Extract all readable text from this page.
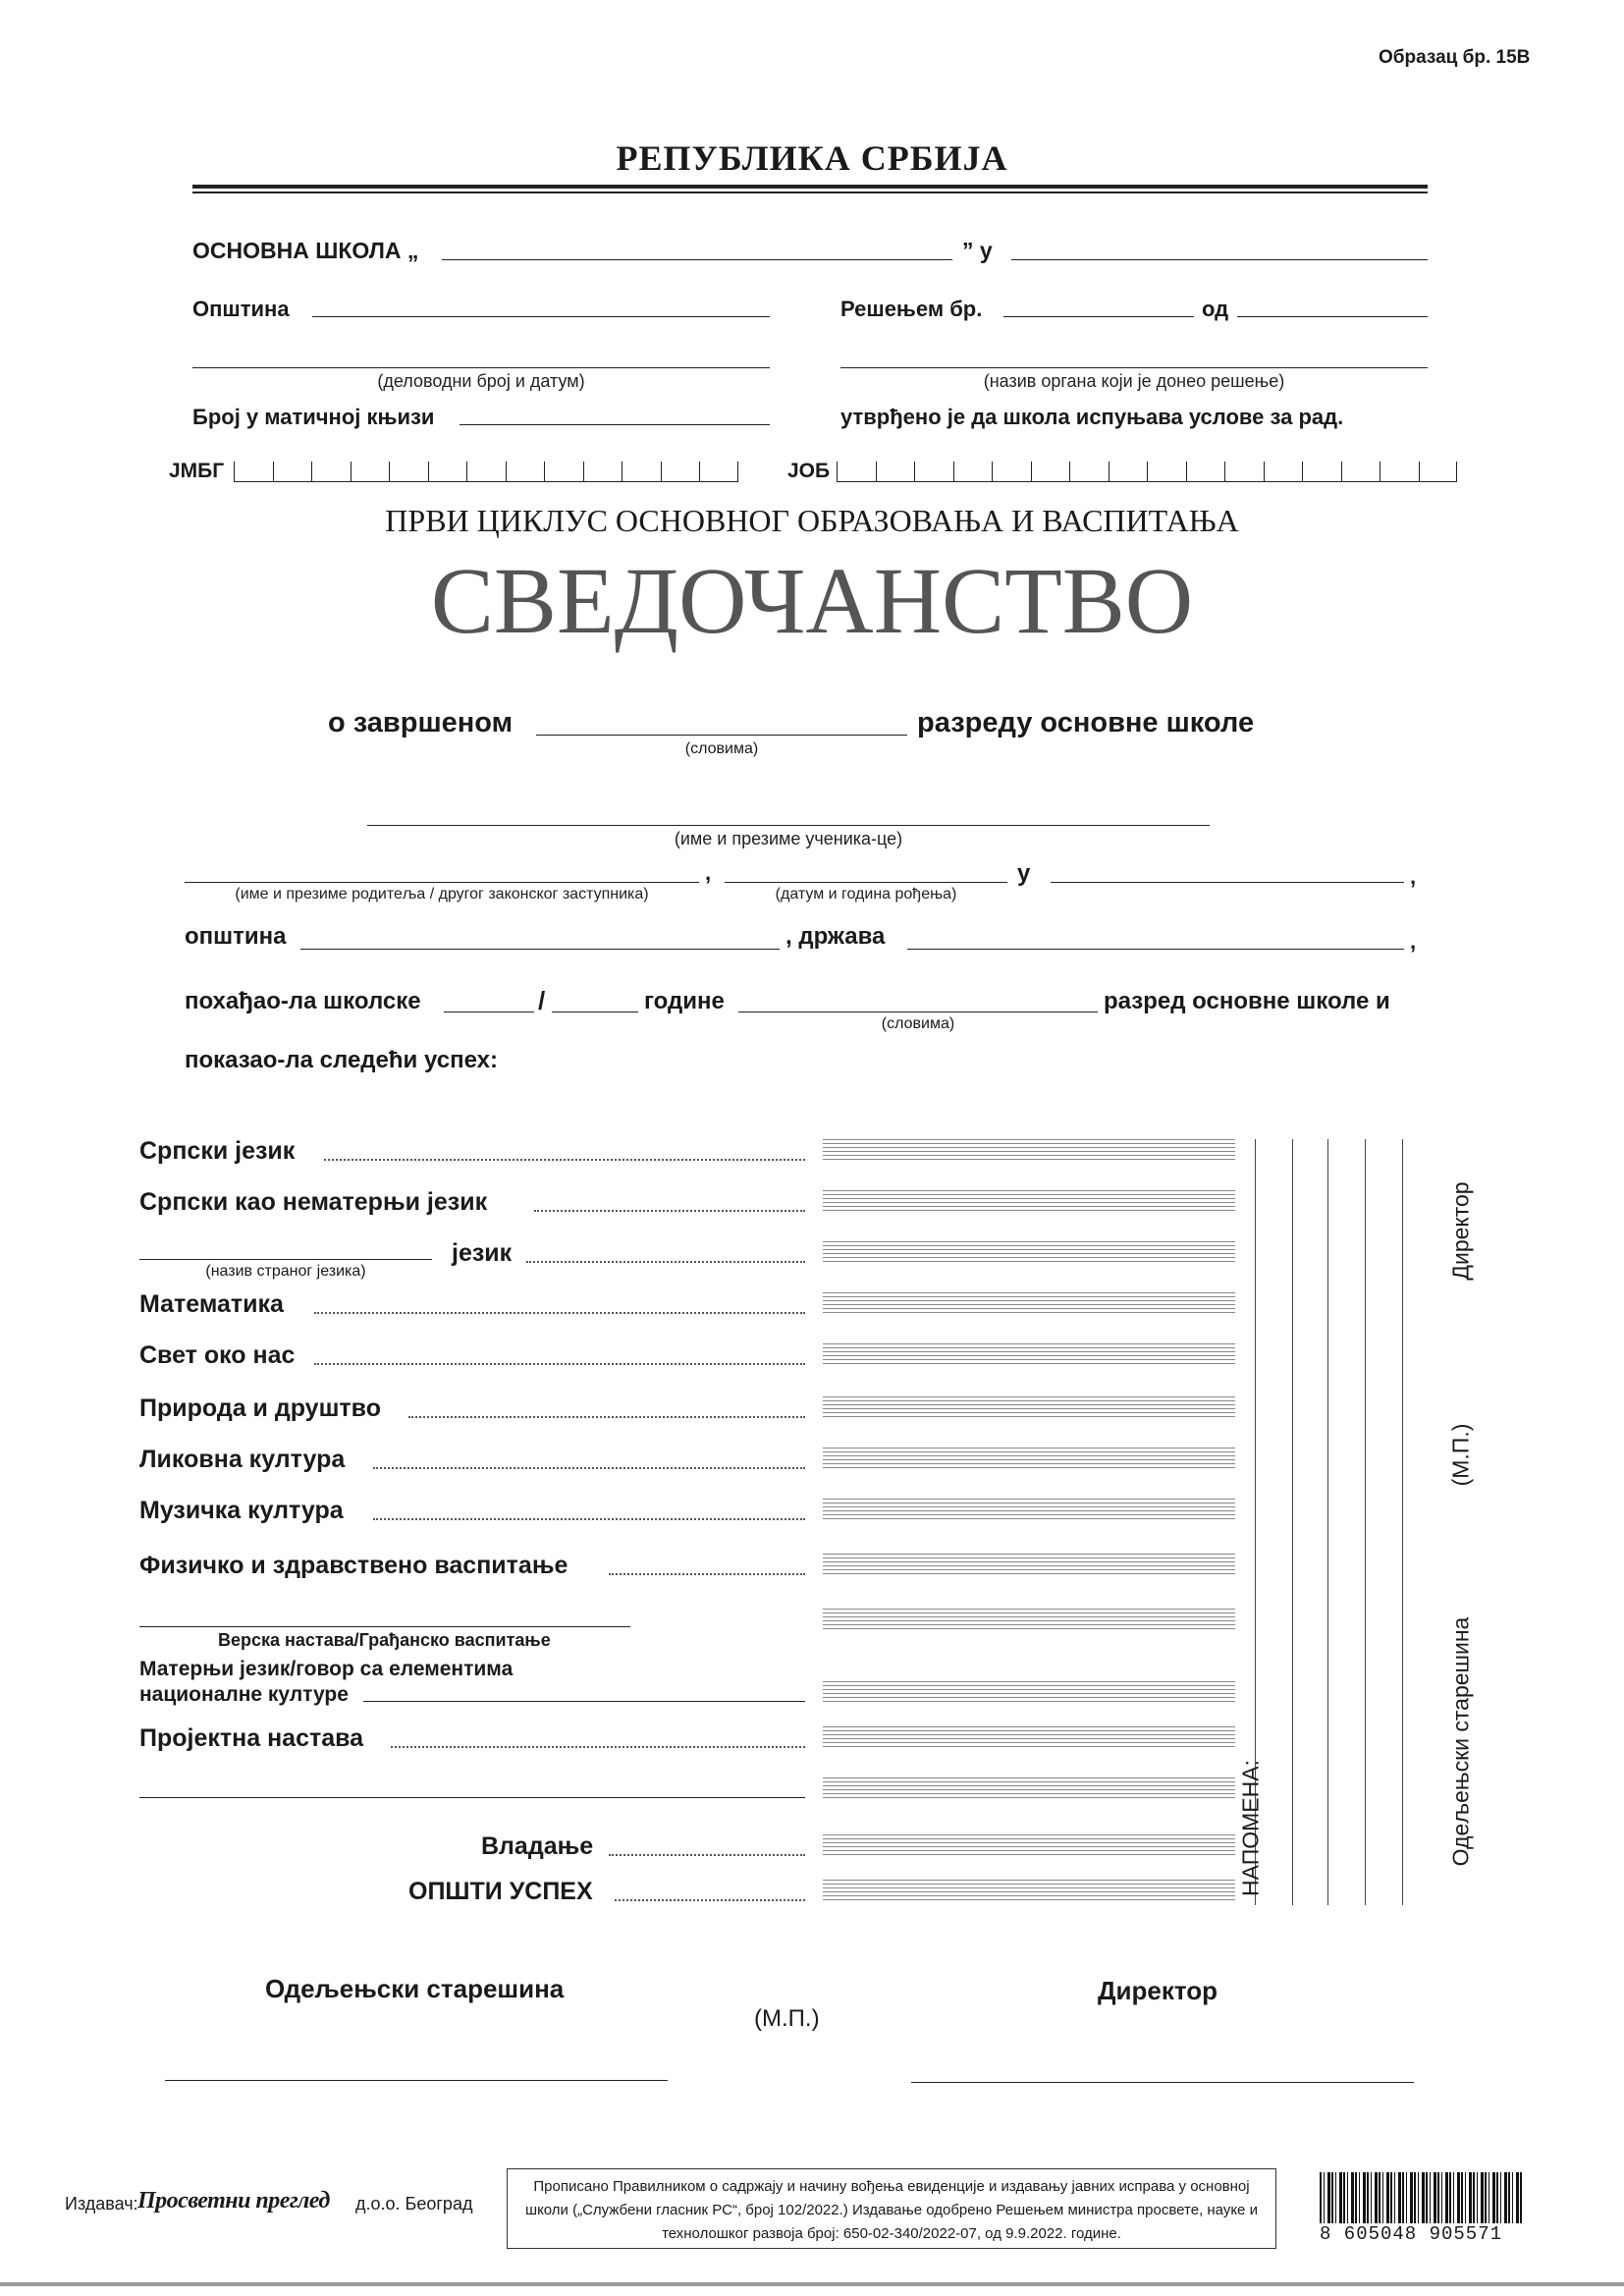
Образац бр. 15В
РЕПУБЛИКА СРБИЈА
ОСНОВНА ШКОЛА „	” у
Општина	Решењем бр.	од
(деловодни број и датум)	(назив органа који је донео решење)
Број у матичној књизи	утврђено је да школа испуњава услове за рад.
ЈМБГ	ЈОБ
ПРВИ ЦИКЛУС ОСНОВНОГ ОБРАЗОВАЊА И ВАСПИТАЊА
СВЕДОЧАНСТВО
о завршеном
(словима)
разреду основне школе
(име и презиме ученика-це)
(име и презиме родитеља / другог законског заступника)
,
(датум и година рођења)
у	,
општина	, држава	,
похађао-ла школске	/	године
(словима)
разред основне школе и
показао-ла следећи успех:
Српски језик
Српски као нематерњи језик
(назив страног језика)
језик
Математика
Свет око нас
Природа и друштво
Ликовна култура
Музичка култура
Физичко и здравствено васпитање
Верска настава/Грађанско васпитање
Матерњи језик/говор са елементима
националне културе
Пројектна настава
Владање
ОПШТИ УСПЕХ	НАПОМЕНА:
Директор
(М.П.)
Одељењски старешина
Одељењски старешина
(М.П.)
Директор
Издавач: Просветни преглед д.о.о. Београд
Прописано Правилником о садржају и начину вођења евиденције и издавању јавних исправа у основној школи („Службени гласник РС“, број 102/2022.) Издавање одобрено Решењем министра просвете, науке и технолошког развоја број: 650-02-340/2022-07, од 9.9.2022. године.	8 605048 905571
